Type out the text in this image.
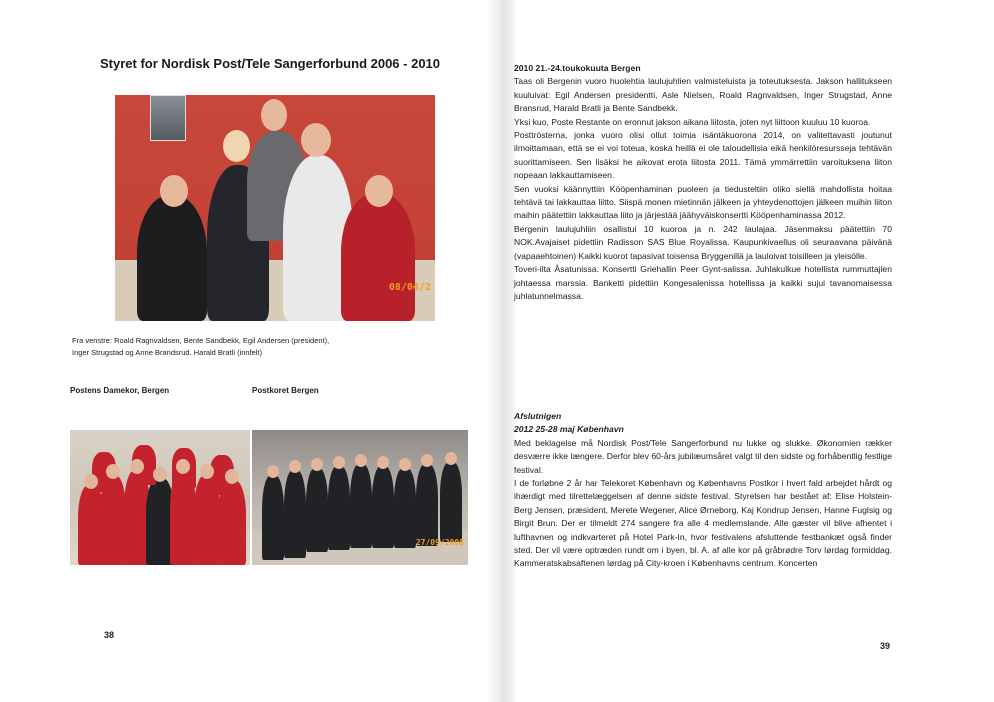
Styret for Nordisk Post/Tele Sangerforbund 2006 - 2010
08/04/2
Fra venstre: Roald Ragnvaldsen, Bente Sandbekk, Egil Andersen (president),
Inger Strugstad og Anne Brandsrud. Harald Bratli (innfelt)
Postens Damekor, Bergen	Postkoret Bergen
27/09/2008
38

2010 21.-24.toukokuuta Bergen

Taas oli Bergenin vuoro huolehtia laulujuhlien valmisteluista ja toteutuksesta. Jakson hallitukseen kuuluivat: Egil Andersen presidentti, Asle Nielsen, Roald Ragnvaldsen, Inger Strugstad, Anne Bransrud, Harald Bratli ja Bente Sandbekk.

Yksi kuo, Poste Restante on eronnut jakson aikana liitosta, joten nyt liittoon kuuluu 10 kuoroa.

Posttrösterna, jonka vuoro olisi ollut toimia isäntäkuorona 2014, on valitettavasti joutunut ilmoittamaan, että se ei voi toteua, koska heillä ei ole taloudellisia eikä henkilöresursseja tehtävän suorittamiseen. Sen lisäksi he aikovat erota liitosta 2011. Tämä ymmärrettiin varoituksena liiton nopeaan lakkauttamiseen.

Sen vuoksi käännyttiin Kööpenhaminan puoleen ja tiedusteltiin oliko siellä mahdollista hoitaa tehtävä tai lakkauttaa liitto. Siispä monen mietinnän jälkeen ja yhteydenottojen jälkeen muihin liiton maihin päätettiin lakkauttaa liito ja järjestää jäähyväiskonsertti Kööpenhaminassa 2012.

Bergenin laulujuhliin osallistui 10 kuoroa ja n. 242 laulajaa. Jäsenmaksu päätettiin 70 NOK.Avajaiset pidettiin Radisson SAS Blue Royalissa. Kaupunkivaellus oli seuraavana päivänä (vapaaehtoinen) Kaikki kuorot tapasivat toisensa Bryggenillä ja lauloivat toisilleen ja yleisölle.

Toveri-ilta Åsatunissa. Konsertti Griehallin Peer Gynt-salissa. Juhlakulkue hotellista rummuttajien johtaessa marssia. Banketti pidettiin Kongesalenissa hotellissa ja kaikki sujui tavanomaisessa juhlatunnelmassa.

Afslutnigen

2012 25-28 maj København

Med beklagelse må Nordisk Post/Tele Sangerforbund nu lukke og slukke. Økonomien rækker desværre ikke længere. Derfor blev 60-års jubilæumsåret valgt til den sidste og forhåbentlig festlige festival.

I de forløbne 2 år har Telekoret København og Københavns Postkor i hvert fald arbejdet hårdt og ihærdigt med tilrettelæggelsen af denne sidste festival. Styrelsen har bestået af: Elise Holstein-Berg Jensen, præsident, Merete Wegener, Alice Ørneborg, Kaj Kondrup Jensen, Hanne Fuglsig og Birgit Brun. Der er tilmeldt 274 sangere fra alle 4 medlemslande. Alle gæster vil blive afhentet i lufthavnen og indkvarteret på Hotel Park-In, hvor festivalens afsluttende festbankæt også finder sted. Der vil være optræden rundt om i byen, bl. A. af alle kor på gråbrødre Torv lørdag formiddag. Kammeratskabsaftenen lørdag på City-kroen i Københavns centrum. Koncerten

39
